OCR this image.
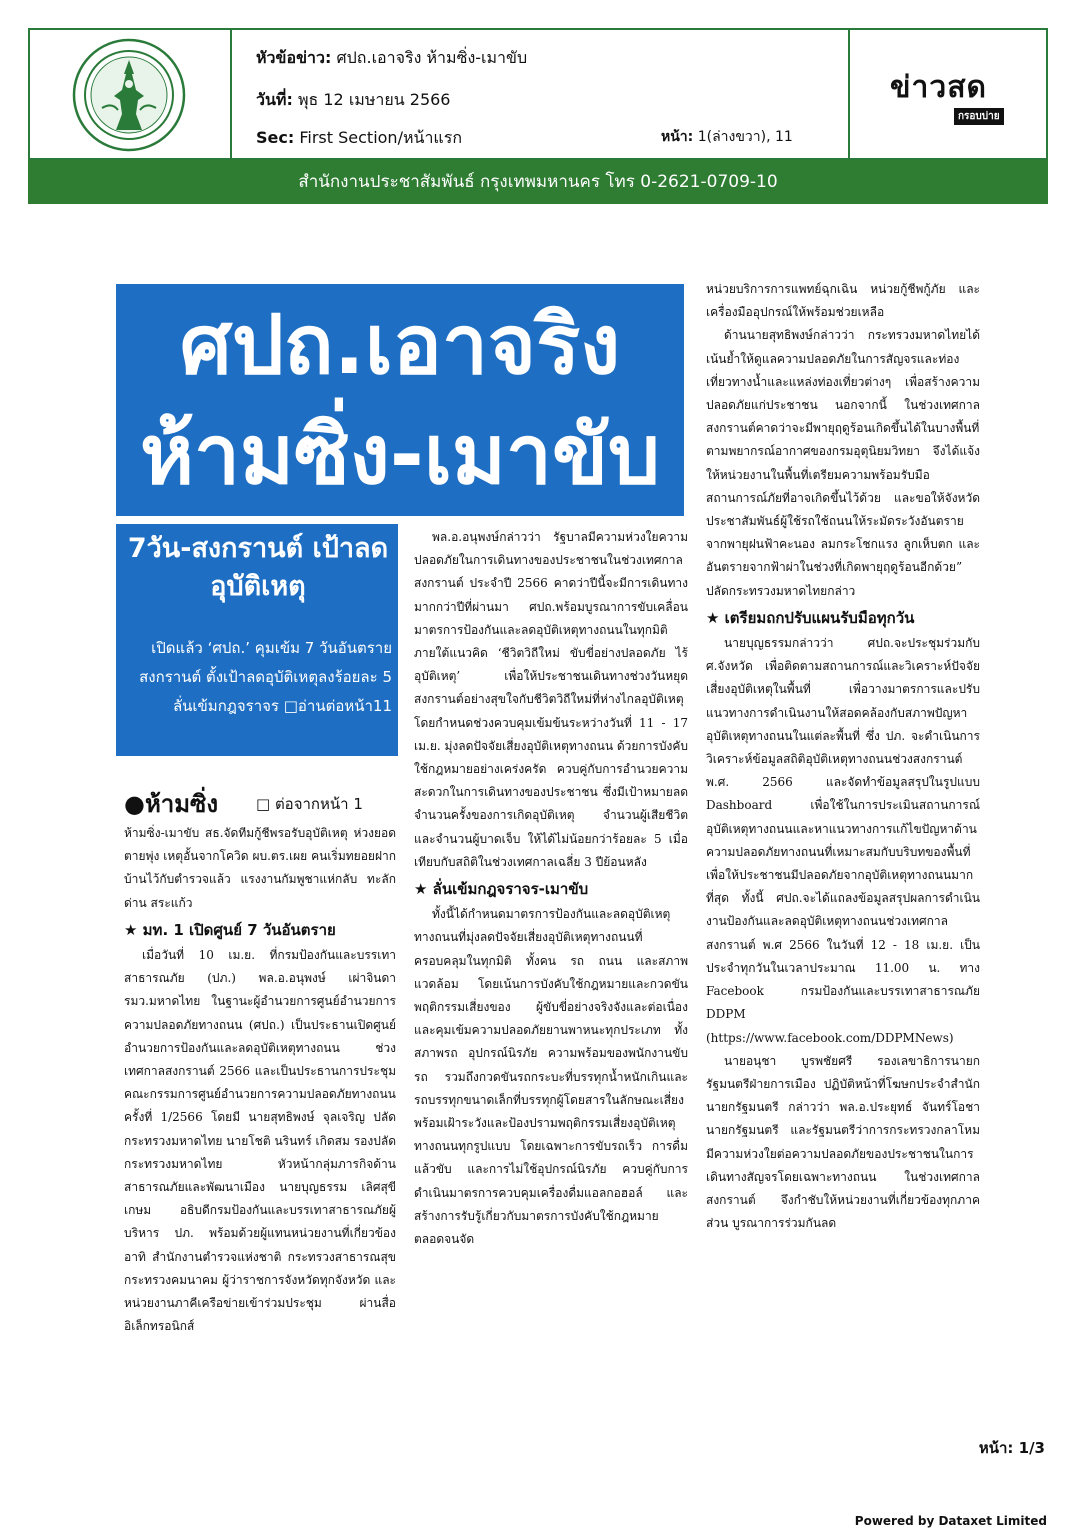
หัวข้อข่าว: ศปถ.เอาจริง ห้ามซิ่ง-เมาขับ
วันที่: พุธ 12 เมษายน 2566
Sec: First Section/หน้าแรก	หน้า: 1(ล่างขวา), 11
ข่าวสด
กรอบบ่าย
สำนักงานประชาสัมพันธ์ กรุงเทพมหานคร โทร 0-2621-0709-10
ศปถ.เอาจริง
ห้ามซิ่ง-เมาขับ
7วัน-สงกรานต์ เป้าลดอุบัติเหตุ
เปิดแล้ว ‘ศปถ.’ คุมเข้ม 7 วันอันตรายสงกรานต์ ตั้งเป้าลดอุบัติเหตุลงร้อยละ 5 ลั่นเข้มกฎจราจร □อ่านต่อหน้า11
●ห้ามซิ่ง	□ ต่อจากหน้า 1

ห้ามซิ่ง-เมาขับ สธ.จัดทีมกู้ชีพรอรับอุบัติเหตุ ห่วงยอดตายพุ่ง เหตุอั้นจากโควิด ผบ.ตร.เผย คนเริ่มทยอยฝากบ้านไว้กับตำรวจแล้ว แรงงานกัมพูชาแห่กลับ ทะลักด่าน สระแก้ว

★ มท. 1 เปิดศูนย์ 7 วันอันตราย

เมื่อวันที่ 10 เม.ย. ที่กรมป้องกันและบรรเทาสาธารณภัย (ปภ.) พล.อ.อนุพงษ์ เผ่าจินดา รมว.มหาดไทย ในฐานะผู้อำนวยการศูนย์อำนวยการความปลอดภัยทางถนน (ศปถ.) เป็นประธานเปิดศูนย์อำนวยการป้องกันและลดอุบัติเหตุทางถนน ช่วงเทศกาลสงกรานต์ 2566 และเป็นประธานการประชุมคณะกรรมการศูนย์อำนวยการความปลอดภัยทางถนน ครั้งที่ 1/2566 โดยมี นายสุทธิพงษ์ จุลเจริญ ปลัดกระทรวงมหาดไทย นายโชติ นรินทร์ เกิดสม รองปลัดกระทรวงมหาดไทย หัวหน้ากลุ่มภารกิจด้านสาธารณภัยและพัฒนาเมือง นายบุญธรรม เลิศสุขีเกษม อธิบดีกรมป้องกันและบรรเทาสาธารณภัยผู้บริหาร ปภ. พร้อมด้วยผู้แทนหน่วยงานที่เกี่ยวข้อง อาทิ สำนักงานตำรวจแห่งชาติ กระทรวงสาธารณสุข กระทรวงคมนาคม ผู้ว่าราชการจังหวัดทุกจังหวัด และหน่วยงานภาคีเครือข่ายเข้าร่วมประชุม ผ่านสื่ออิเล็กทรอนิกส์

พล.อ.อนุพงษ์กล่าวว่า รัฐบาลมีความห่วงใยความปลอดภัยในการเดินทางของประชาชนในช่วงเทศกาลสงกรานต์ ประจำปี 2566 คาดว่าปีนี้จะมีการเดินทางมากกว่าปีที่ผ่านมา ศปถ.พร้อมบูรณาการขับเคลื่อนมาตรการป้องกันและลดอุบัติเหตุทางถนนในทุกมิติ ภายใต้แนวคิด ‘ชีวิตวิถีใหม่ ขับขี่อย่างปลอดภัย ไร้อุบัติเหตุ’ เพื่อให้ประชาชนเดินทางช่วงวันหยุดสงกรานต์อย่างสุขใจกับชีวิตวิถีใหม่ที่ห่างไกลอุบัติเหตุ โดยกำหนดช่วงควบคุมเข้มข้นระหว่างวันที่ 11 - 17 เม.ย. มุ่งลดปัจจัยเสี่ยงอุบัติเหตุทางถนน ด้วยการบังคับใช้กฎหมายอย่างเคร่งครัด ควบคู่กับการอำนวยความสะดวกในการเดินทางของประชาชน ซึ่งมีเป้าหมายลดจำนวนครั้งของการเกิดอุบัติเหตุ จำนวนผู้เสียชีวิต และจำนวนผู้บาดเจ็บ ให้ได้ไม่น้อยกว่าร้อยละ 5 เมื่อเทียบกับสถิติในช่วงเทศกาลเฉลี่ย 3 ปีย้อนหลัง

★ ลั่นเข้มกฎจราจร-เมาขับ

ทั้งนี้ได้กำหนดมาตรการป้องกันและลดอุบัติเหตุทางถนนที่มุ่งลดปัจจัยเสี่ยงอุบัติเหตุทางถนนที่ครอบคลุมในทุกมิติ ทั้งคน รถ ถนน และสภาพแวดล้อม โดยเน้นการบังคับใช้กฎหมายและกวดขันพฤติกรรมเสี่ยงของ ผู้ขับขี่อย่างจริงจังและต่อเนื่อง และคุมเข้มความปลอดภัยยานพาหนะทุกประเภท ทั้งสภาพรถ อุปกรณ์นิรภัย ความพร้อมของพนักงานขับรถ รวมถึงกวดขันรถกระบะที่บรรทุกน้ำหนักเกินและรถบรรทุกขนาดเล็กที่บรรทุกผู้โดยสารในลักษณะเสี่ยง พร้อมเฝ้าระวังและป้องปรามพฤติกรรมเสี่ยงอุบัติเหตุทางถนนทุกรูปแบบ โดยเฉพาะการขับรถเร็ว การดื่มแล้วขับ และการไม่ใช้อุปกรณ์นิรภัย ควบคู่กับการดำเนินมาตรการควบคุมเครื่องดื่มแอลกอฮอล์ และสร้างการรับรู้เกี่ยวกับมาตรการบังคับใช้กฎหมาย ตลอดจนจัด

หน่วยบริการการแพทย์ฉุกเฉิน หน่วยกู้ชีพกู้ภัย และเครื่องมืออุปกรณ์ให้พร้อมช่วยเหลือ

ด้านนายสุทธิพงษ์กล่าวว่า กระทรวงมหาดไทยได้เน้นย้ำให้ดูแลความปลอดภัยในการสัญจรและท่องเที่ยวทางน้ำและแหล่งท่องเที่ยวต่างๆ เพื่อสร้างความปลอดภัยแก่ประชาชน นอกจากนี้ ในช่วงเทศกาลสงกรานต์คาดว่าจะมีพายุฤดูร้อนเกิดขึ้นได้ในบางพื้นที่ ตามพยากรณ์อากาศของกรมอุตุนิยมวิทยา จึงได้แจ้งให้หน่วยงานในพื้นที่เตรียมความพร้อมรับมือสถานการณ์ภัยที่อาจเกิดขึ้นไว้ด้วย และขอให้จังหวัดประชาสัมพันธ์ผู้ใช้รถใช้ถนนให้ระมัดระวังอันตรายจากพายุฝนฟ้าคะนอง ลมกระโชกแรง ลูกเห็บตก และอันตรายจากฟ้าผ่าในช่วงที่เกิดพายุฤดูร้อนอีกด้วย” ปลัดกระทรวงมหาดไทยกล่าว

★ เตรียมถกปรับแผนรับมือทุกวัน

นายบุญธรรมกล่าวว่า ศปถ.จะประชุมร่วมกับศ.จังหวัด เพื่อติดตามสถานการณ์และวิเคราะห์ปัจจัยเสี่ยงอุบัติเหตุในพื้นที่ เพื่อวางมาตรการและปรับแนวทางการดำเนินงานให้สอดคล้องกับสภาพปัญหาอุบัติเหตุทางถนนในแต่ละพื้นที่ ซึ่ง ปภ. จะดำเนินการวิเคราะห์ข้อมูลสถิติอุบัติเหตุทางถนนช่วงสงกรานต์ พ.ศ. 2566 และจัดทำข้อมูลสรุปในรูปแบบ Dashboard เพื่อใช้ในการประเมินสถานการณ์อุบัติเหตุทางถนนและหาแนวทางการแก้ไขปัญหาด้านความปลอดภัยทางถนนที่เหมาะสมกับบริบทของพื้นที่ เพื่อให้ประชาชนมีปลอดภัยจากอุบัติเหตุทางถนนมากที่สุด ทั้งนี้ ศปถ.จะได้แถลงข้อมูลสรุปผลการดำเนินงานป้องกันและลดอุบัติเหตุทางถนนช่วงเทศกาลสงกรานต์ พ.ศ 2566 ในวันที่ 12 - 18 เม.ย. เป็นประจำทุกวันในเวลาประมาณ 11.00 น. ทาง Facebook กรมป้องกันและบรรเทาสาธารณภัย DDPM (https://www.facebook.com/DDPMNews)

นายอนุชา บูรพชัยศรี รองเลขาธิการนายกรัฐมนตรีฝ่ายการเมือง ปฏิบัติหน้าที่โฆษกประจำสำนักนายกรัฐมนตรี กล่าวว่า พล.อ.ประยุทธ์ จันทร์โอชา นายกรัฐมนตรี และรัฐมนตรีว่าการกระทรวงกลาโหม มีความห่วงใยต่อความปลอดภัยของประชาชนในการเดินทางสัญจรโดยเฉพาะทางถนน ในช่วงเทศกาลสงกรานต์ จึงกำชับให้หน่วยงานที่เกี่ยวข้องทุกภาคส่วน บูรณาการร่วมกันลด

หน้า: 1/3
Powered by Dataxet Limited
